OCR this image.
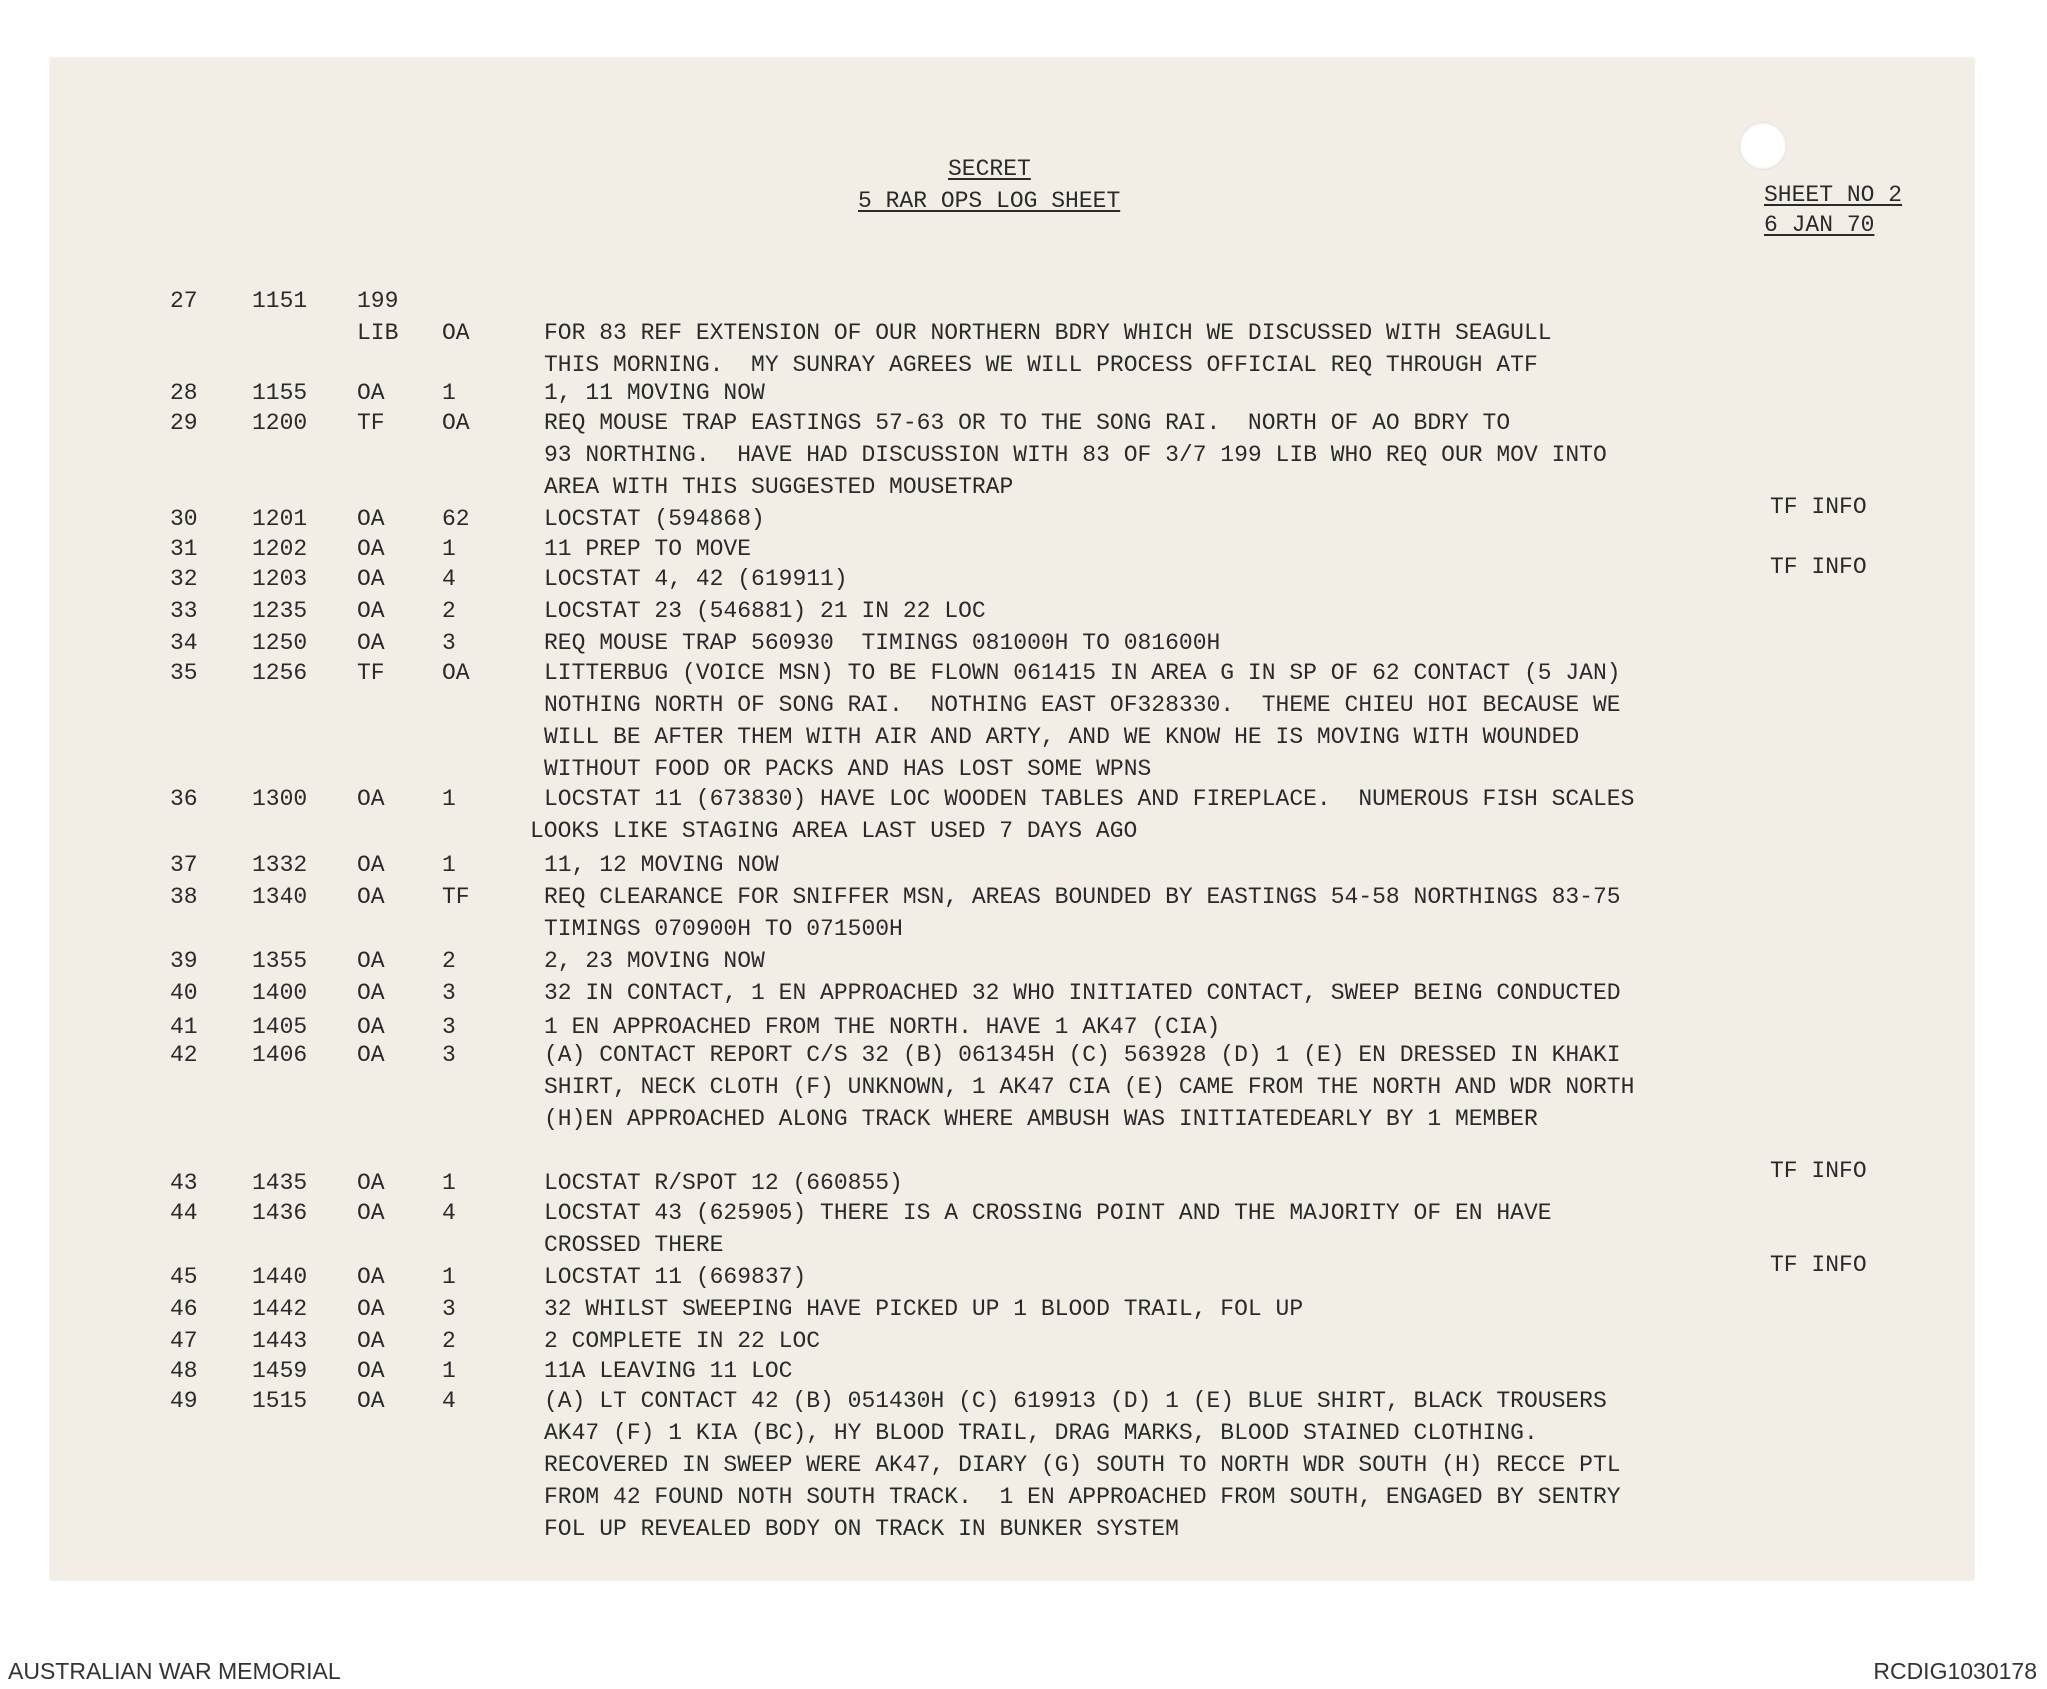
SECRET
5 RAR OPS LOG SHEET	SHEET NO 2
6 JAN 70
27 1151 199
LIB OA	FOR 83 REF EXTENSION OF OUR NORTHERN BDRY WHICH WE DISCUSSED WITH SEAGULL
THIS MORNING.  MY SUNRAY AGREES WE WILL PROCESS OFFICIAL REQ THROUGH ATF
28 1155 OA 1	1, 11 MOVING NOW
29 1200 TF OA	REQ MOUSE TRAP EASTINGS 57-63 OR TO THE SONG RAI.  NORTH OF AO BDRY TO
93 NORTHING.  HAVE HAD DISCUSSION WITH 83 OF 3/7 199 LIB WHO REQ OUR MOV INTO
AREA WITH THIS SUGGESTED MOUSETRAP
30 1201 OA 62	LOCSTAT (594868)	TF INFO
31 1202 OA 1	11 PREP TO MOVE
32 1203 OA 4	LOCSTAT 4, 42 (619911)	TF INFO
33 1235 OA 2	LOCSTAT 23 (546881) 21 IN 22 LOC
34 1250 OA 3	REQ MOUSE TRAP 560930  TIMINGS 081000H TO 081600H
35 1256 TF OA	LITTERBUG (VOICE MSN) TO BE FLOWN 061415 IN AREA G IN SP OF 62 CONTACT (5 JAN)
NOTHING NORTH OF SONG RAI.  NOTHING EAST OF328330.  THEME CHIEU HOI BECAUSE WE
WILL BE AFTER THEM WITH AIR AND ARTY, AND WE KNOW HE IS MOVING WITH WOUNDED
WITHOUT FOOD OR PACKS AND HAS LOST SOME WPNS
36 1300 OA 1	LOCSTAT 11 (673830) HAVE LOC WOODEN TABLES AND FIREPLACE.  NUMEROUS FISH SCALES
LOOKS LIKE STAGING AREA LAST USED 7 DAYS AGO
37 1332 OA 1	11, 12 MOVING NOW
38 1340 OA TF	REQ CLEARANCE FOR SNIFFER MSN, AREAS BOUNDED BY EASTINGS 54-58 NORTHINGS 83-75
TIMINGS 070900H TO 071500H
39 1355 OA 2	2, 23 MOVING NOW
40 1400 OA 3	32 IN CONTACT, 1 EN APPROACHED 32 WHO INITIATED CONTACT, SWEEP BEING CONDUCTED
41 1405 OA 3	1 EN APPROACHED FROM THE NORTH. HAVE 1 AK47 (CIA)
42 1406 OA 3	(A) CONTACT REPORT C/S 32 (B) 061345H (C) 563928 (D) 1 (E) EN DRESSED IN KHAKI
SHIRT, NECK CLOTH (F) UNKNOWN, 1 AK47 CIA (E) CAME FROM THE NORTH AND WDR NORTH
(H)EN APPROACHED ALONG TRACK WHERE AMBUSH WAS INITIATEDEARLY BY 1 MEMBER
43 1435 OA 1	LOCSTAT R/SPOT 12 (660855)	TF INFO
44 1436 OA 4	LOCSTAT 43 (625905) THERE IS A CROSSING POINT AND THE MAJORITY OF EN HAVE
CROSSED THERE
45 1440 OA 1	LOCSTAT 11 (669837)	TF INFO
46 1442 OA 3	32 WHILST SWEEPING HAVE PICKED UP 1 BLOOD TRAIL, FOL UP
47 1443 OA 2	2 COMPLETE IN 22 LOC
48 1459 OA 1	11A LEAVING 11 LOC
49 1515 OA 4	(A) LT CONTACT 42 (B) 051430H (C) 619913 (D) 1 (E) BLUE SHIRT, BLACK TROUSERS
AK47 (F) 1 KIA (BC), HY BLOOD TRAIL, DRAG MARKS, BLOOD STAINED CLOTHING.
RECOVERED IN SWEEP WERE AK47, DIARY (G) SOUTH TO NORTH WDR SOUTH (H) RECCE PTL
FROM 42 FOUND NOTH SOUTH TRACK.  1 EN APPROACHED FROM SOUTH, ENGAGED BY SENTRY
FOL UP REVEALED BODY ON TRACK IN BUNKER SYSTEM
AUSTRALIAN WAR MEMORIAL	RCDIG1030178
